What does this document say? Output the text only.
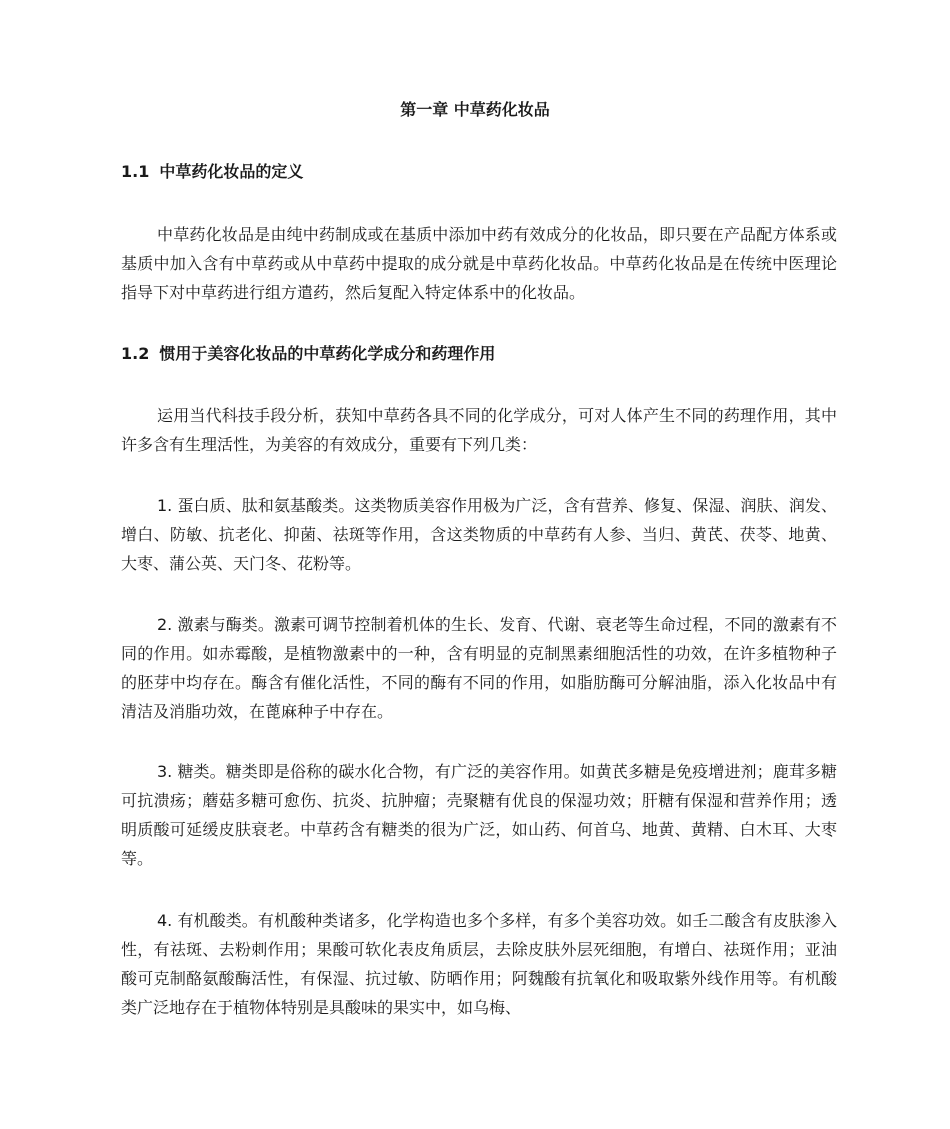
第一章 中草药化妆品
1.1 中草药化妆品的定义

中草药化妆品是由纯中药制成或在基质中添加中药有效成分的化妆品，即只要在产品配方体系或基质中加入含有中草药或从中草药中提取的成分就是中草药化妆品。中草药化妆品是在传统中医理论指导下对中草药进行组方遣药，然后复配入特定体系中的化妆品。

1.2 惯用于美容化妆品的中草药化学成分和药理作用

运用当代科技手段分析，获知中草药各具不同的化学成分，可对人体产生不同的药理作用，其中许多含有生理活性，为美容的有效成分，重要有下列几类：

1. 蛋白质、肽和氨基酸类。这类物质美容作用极为广泛，含有营养、修复、保湿、润肤、润发、增白、防敏、抗老化、抑菌、祛斑等作用，含这类物质的中草药有人参、当归、黄芪、茯苓、地黄、大枣、蒲公英、天门冬、花粉等。

2. 激素与酶类。激素可调节控制着机体的生长、发育、代谢、衰老等生命过程，不同的激素有不同的作用。如赤霉酸，是植物激素中的一种，含有明显的克制黑素细胞活性的功效，在许多植物种子的胚芽中均存在。酶含有催化活性，不同的酶有不同的作用，如脂肪酶可分解油脂，添入化妆品中有清洁及消脂功效，在蓖麻种子中存在。

3. 糖类。糖类即是俗称的碳水化合物，有广泛的美容作用。如黄芪多糖是免疫增进剂；鹿茸多糖可抗溃疡；蘑菇多糖可愈伤、抗炎、抗肿瘤；壳聚糖有优良的保湿功效；肝糖有保湿和营养作用；透明质酸可延缓皮肤衰老。中草药含有糖类的很为广泛，如山药、何首乌、地黄、黄精、白木耳、大枣等。

4. 有机酸类。有机酸种类诸多，化学构造也多个多样，有多个美容功效。如壬二酸含有皮肤渗入性，有祛斑、去粉刺作用；果酸可软化表皮角质层，去除皮肤外层死细胞，有增白、祛斑作用；亚油酸可克制酪氨酸酶活性，有保湿、抗过敏、防晒作用；阿魏酸有抗氧化和吸取紫外线作用等。有机酸类广泛地存在于植物体特别是具酸味的果实中，如乌梅、
